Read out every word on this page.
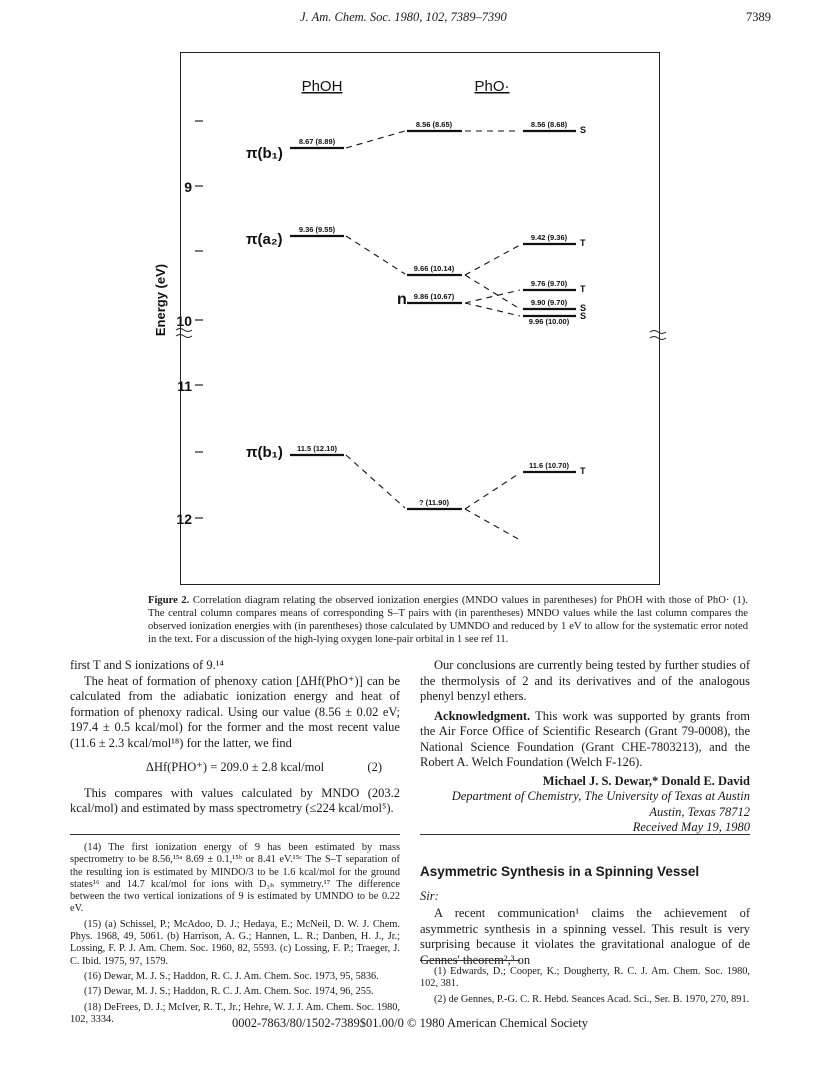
J. Am. Chem. Soc. 1980, 102, 7389–7390	7389
PhOH	PhO·
Energy (eV)
9
10
11
12
π(b₁)
π(a₂)
n
π(b₁)
8.67 (8.89)
8.56 (8.65)	8.56 (8.68)
9.36 (9.55)
9.66 (10.14)
9.42 (9.36)
9.86 (10.67)
9.76 (9.70)
9.90 (9.70)
9.96 (10.00)
11.5 (12.10)
? (11.90)
11.6 (10.70)
S
T
T
S
S
T
Figure 2. Correlation diagram relating the observed ionization energies (MNDO values in parentheses) for PhOH with those of PhO· (1). The central column compares means of corresponding S–T pairs with (in parentheses) MNDO values while the last column compares the observed ionization energies with (in parentheses) those calculated by UMNDO and reduced by 1 eV to allow for the systematic error noted in the text. For a discussion of the high-lying oxygen lone-pair orbital in 1 see ref 11.

first T and S ionizations of 9.¹⁴

The heat of formation of phenoxy cation [ΔHf(PhO⁺)] can be calculated from the adiabatic ionization energy and heat of formation of phenoxy radical. Using our value (8.56 ± 0.02 eV; 197.4 ± 0.5 kcal/mol) for the former and the most recent value (11.6 ± 2.3 kcal/mol¹⁸) for the latter, we find

ΔHf(PHO⁺) = 209.0 ± 2.8 kcal/mol	(2)

This compares with values calculated by MNDO (203.2 kcal/mol) and estimated by mass spectrometry (≤224 kcal/mol⁵).

(14) The first ionization energy of 9 has been estimated by mass spectrometry to be 8.56,¹⁵ᵃ 8.69 ± 0.1,¹⁵ᵇ or 8.41 eV.¹⁵ᶜ The S–T separation of the resulting ion is estimated by MINDO/3 to be 1.6 kcal/mol for the ground states¹⁶ and 14.7 kcal/mol for ions with D₃ₕ symmetry.¹⁷ The difference between the two vertical ionizations of 9 is estimated by UMNDO to be 0.22 eV.

(15) (a) Schissel, P.; McAdoo, D. J.; Hedaya, E.; McNeil, D. W. J. Chem. Phys. 1968, 49, 5061. (b) Harrison, A. G.; Hannen, L. R.; Danben, H. J., Jr.; Lossing, F. P. J. Am. Chem. Soc. 1960, 82, 5593. (c) Lossing, F. P.; Traeger, J. C. Ibid. 1975, 97, 1579.

(16) Dewar, M. J. S.; Haddon, R. C. J. Am. Chem. Soc. 1973, 95, 5836.

(17) Dewar, M. J. S.; Haddon, R. C. J. Am. Chem. Soc. 1974, 96, 255.

(18) DeFrees, D. J.; McIver, R. T., Jr.; Hehre, W. J. J. Am. Chem. Soc. 1980, 102, 3334.

Our conclusions are currently being tested by further studies of the thermolysis of 2 and its derivatives and of the analogous phenyl benzyl ethers.

Acknowledgment. This work was supported by grants from the Air Force Office of Scientific Research (Grant 79-0008), the National Science Foundation (Grant CHE-7803213), and the Robert A. Welch Foundation (Welch F-126).

Michael J. S. Dewar,* Donald E. David
Department of Chemistry, The University of Texas at Austin
Austin, Texas 78712
Received May 19, 1980
Asymmetric Synthesis in a Spinning Vessel
Sir:

A recent communication¹ claims the achievement of asymmetric synthesis in a spinning vessel. This result is very surprising because it violates the gravitational analogue of de Gennes' theorem²,³ on

(1) Edwards, D.; Cooper, K.; Dougherty, R. C. J. Am. Chem. Soc. 1980, 102, 381.

(2) de Gennes, P.-G. C. R. Hebd. Seances Acad. Sci., Ser. B. 1970, 270, 891.

0002-7863/80/1502-7389$01.00/0 © 1980 American Chemical Society
